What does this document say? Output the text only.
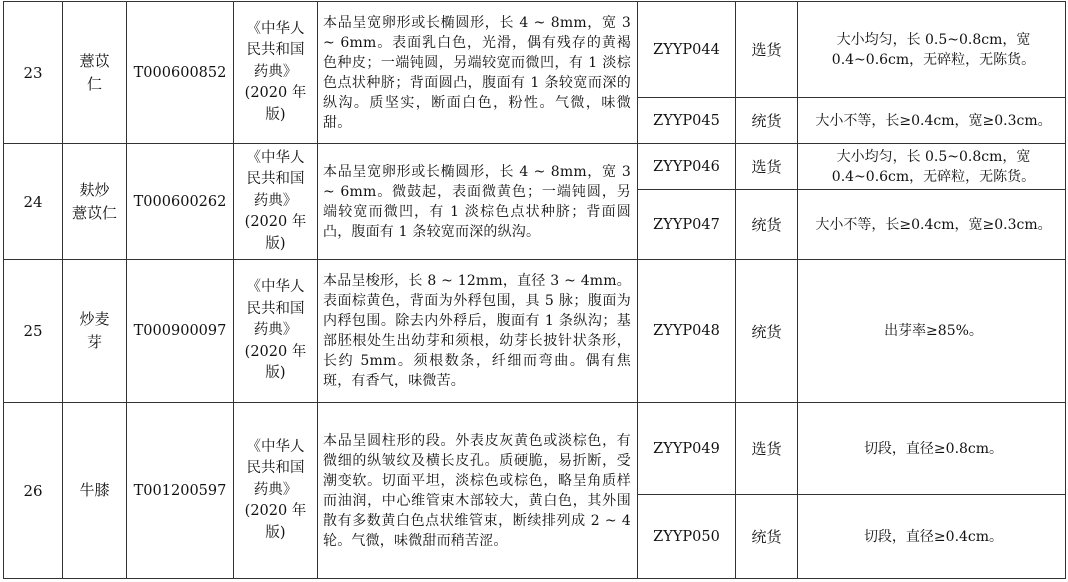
23	薏苡
仁	T000600852	《中华人
民共和国
药典》
(2020 年
版)	本品呈宽卵形或长椭圆形，长 4 ~ 8mm，宽 3 ~ 6mm。表面乳白色，光滑，偶有残存的黄褐色种皮；一端钝圆，另端较宽而微凹，有 1 淡棕色点状种脐；背面圆凸，腹面有 1 条较宽而深的纵沟。质坚实，断面白色，粉性。气微，味微甜。	ZYYP044	选货	大小均匀，长 0.5~0.8cm，宽
0.4~0.6cm，无碎粒，无陈货。

					ZYYP045	统货	大小不等，长≥0.4cm，宽≥0.3cm。

24	麸炒
薏苡仁	T000600262	《中华人
民共和国
药典》
(2020 年
版)	本品呈宽卵形或长椭圆形，长 4 ~ 8mm，宽 3 ~ 6mm。微鼓起，表面微黄色；一端钝圆，另端较宽而微凹，有 1 淡棕色点状种脐；背面圆凸，腹面有 1 条较宽而深的纵沟。	ZYYP046	选货	大小均匀，长 0.5~0.8cm，宽
0.4~0.6cm，无碎粒，无陈货。

					ZYYP047	统货	大小不等，长≥0.4cm，宽≥0.3cm。

25	炒麦
芽	T000900097	《中华人
民共和国
药典》
(2020 年
版)	本品呈梭形，长 8 ~ 12mm，直径 3 ~ 4mm。表面棕黄色，背面为外稃包围，具 5 脉；腹面为内稃包围。除去内外稃后，腹面有 1 条纵沟；基部胚根处生出幼芽和须根，幼芽长披针状条形，长约 5mm。须根数条，纤细而弯曲。偶有焦斑，有香气，味微苦。	ZYYP048	统货	出芽率≥85%。

26	牛膝	T001200597	《中华人
民共和国
药典》
(2020 年
版)	本品呈圆柱形的段。外表皮灰黄色或淡棕色，有微细的纵皱纹及横长皮孔。质硬脆，易折断，受潮变软。切面平坦，淡棕色或棕色，略呈角质样而油润，中心维管束木部较大，黄白色，其外围散有多数黄白色点状维管束，断续排列成 2 ~ 4 轮。气微，味微甜而稍苦涩。	ZYYP049	选货	切段，直径≥0.8cm。

					ZYYP050	统货	切段，直径≥0.4cm。
